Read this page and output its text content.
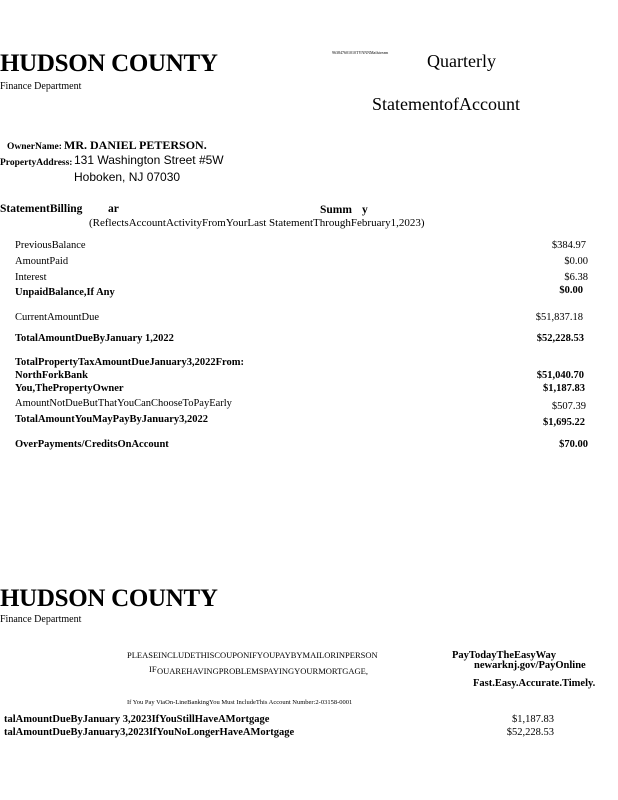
HUDSON COUNTY
Finance Department
963847601010TYNNNMailstream Quarterly
StatementofAccount
OwnerName: MR. DANIEL PETERSON.
PropertyAddress: 131 Washington Street #5W
Hoboken, NJ 07030
StatementBilling ar	Summ y
(ReflectsAccountActivityFromYourLast StatementThroughFebruary1,2023)
PreviousBalance	$384.97
AmountPaid	$0.00
Interest	$6.38
UnpaidBalance,If Any	$0.00
CurrentAmountDue	$51,837.18
TotalAmountDueByJanuary 1,2022	$52,228.53
TotalPropertyTaxAmountDueJanuary3,2022From:
NorthForkBank	$51,040.70
You,ThePropertyOwner	$1,187.83
AmountNotDueButThatYouCanChooseToPayEarly	$507.39
TotalAmountYouMayPayByJanuary3,2022	$1,695.22
OverPayments/CreditsOnAccount	$70.00
HUDSON COUNTY
Finance Department
PLEASEINCLUDETHISCOUPONIFYOUPAYBYMAILORINPERSON
IF OUAREHAVINGPROBLEMSPAYINGYOURMORTGAGE,
PayTodayTheEasyWay
newarknj.gov/PayOnline
Fast.Easy.Accurate.Timely.
If You Pay ViaOn-LineBankingYou Must IncludeThis Account Number:2-03158-0001
talAmountDueByJanuary 3,2023IfYouStillHaveAMortgage	$1,187.83
talAmountDueByJanuary3,2023IfYouNoLongerHaveAMortgage	$52,228.53
